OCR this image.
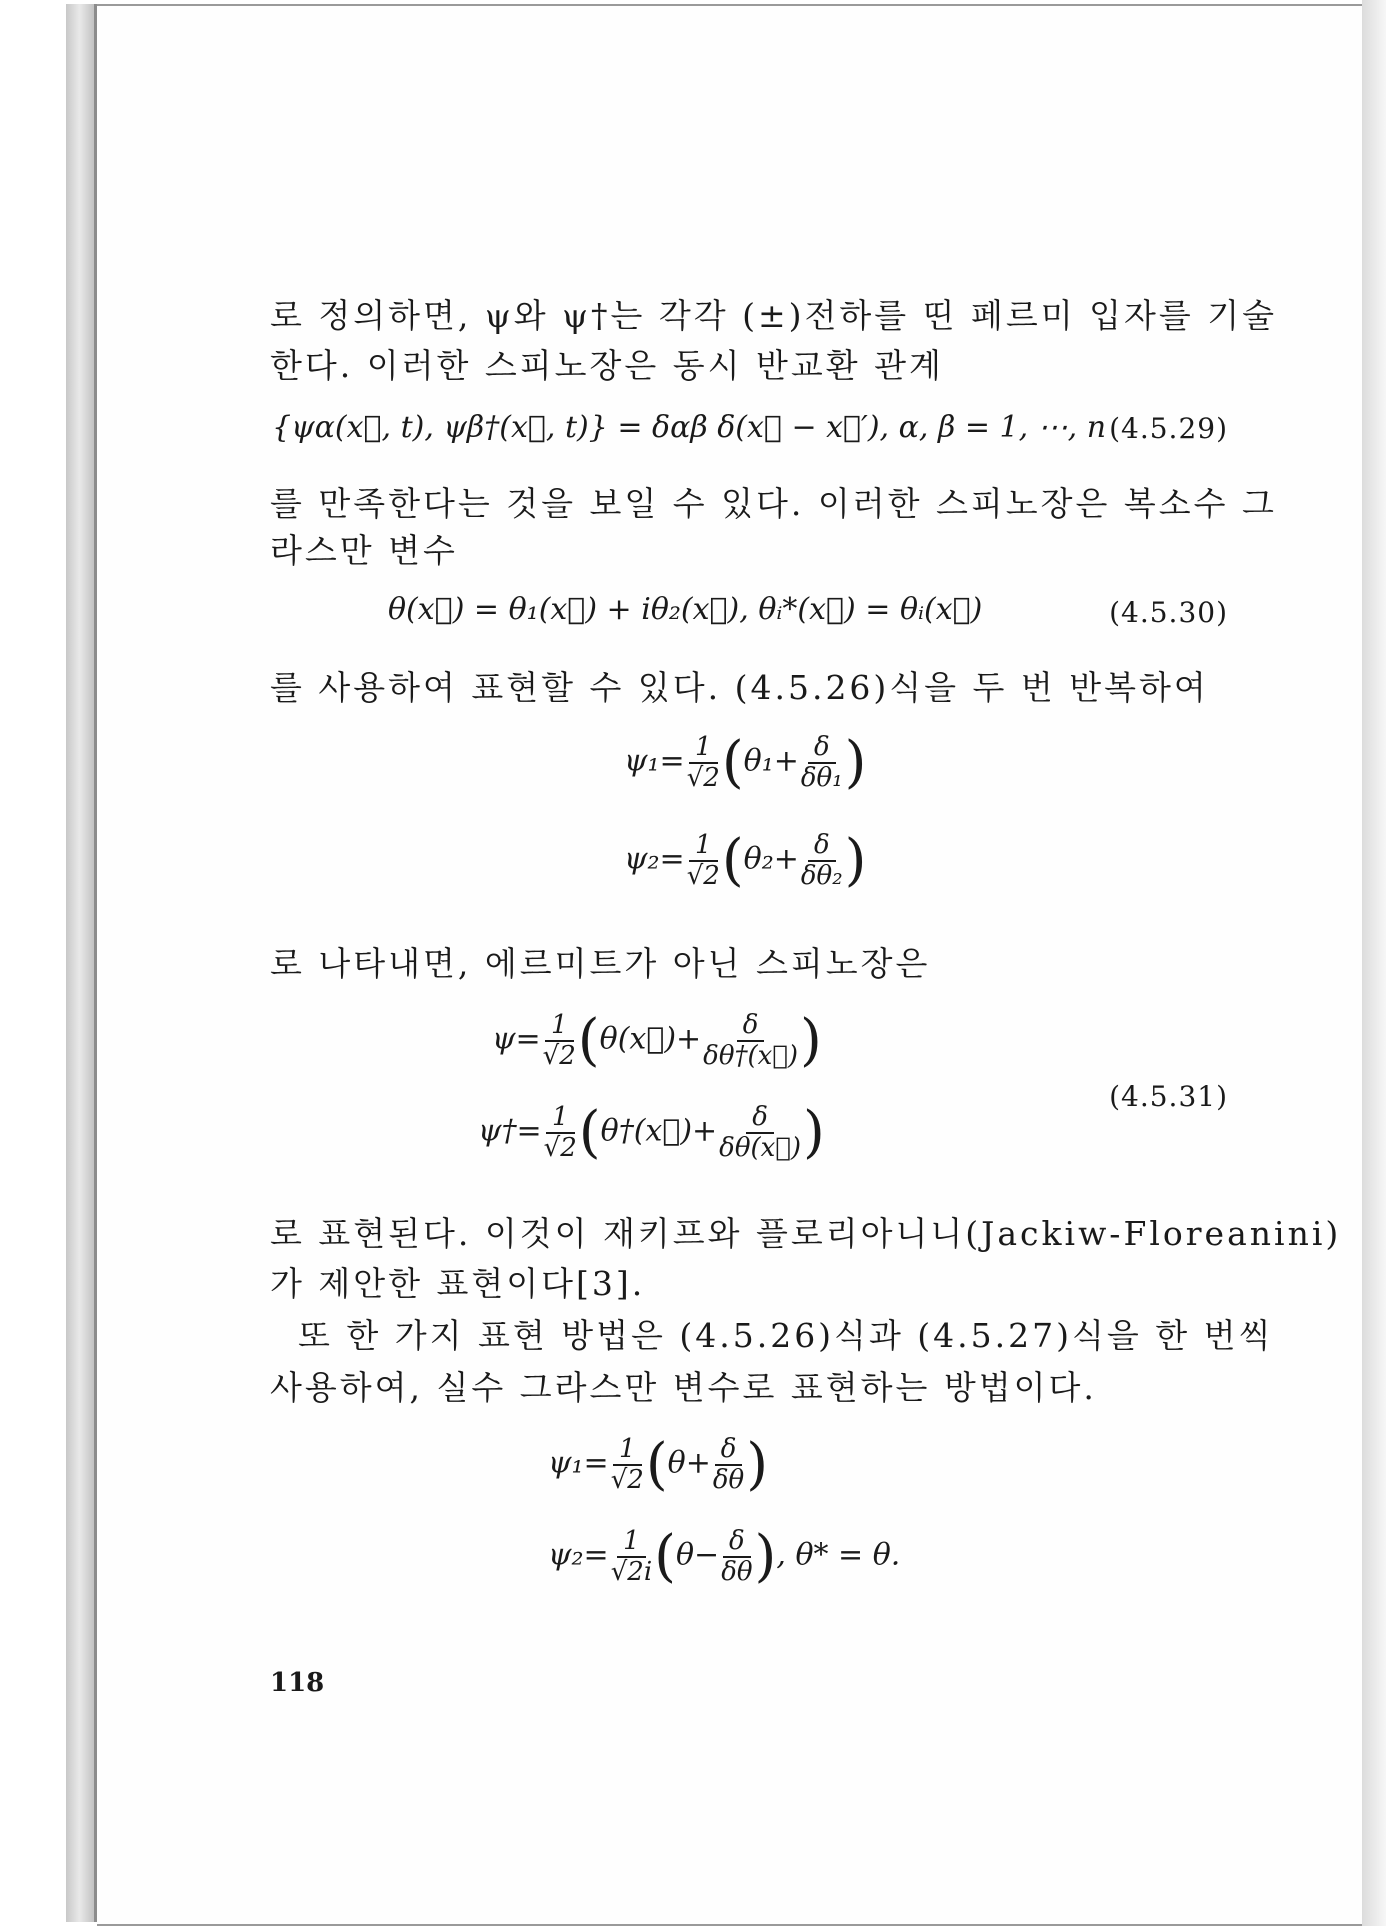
로 정의하면, ψ와 ψ†는 각각 (±)전하를 띤 페르미 입자를 기술
한다. 이러한 스피노장은 동시 반교환 관계
{ψα(x⃗, t), ψβ†(x⃗, t)} = δαβ δ(x⃗ − x⃗′), α, β = 1, ⋯, n (4.5.29)
를 만족한다는 것을 보일 수 있다. 이러한 스피노장은 복소수 그
라스만 변수
θ(x⃗) = θ₁(x⃗) + iθ₂(x⃗), θᵢ*(x⃗) = θᵢ(x⃗)	(4.5.30)
를 사용하여 표현할 수 있다. (4.5.26)식을 두 번 반복하여
$\psi_1= \frac{1}{√2} (\theta_1+ \frac{\delta}{\text{δθ₁}}$ )
$\psi_2= \frac{1}{√2} (\theta_2+ \frac{\delta}{\text{δθ₂}}$ )
로 나타내면, 에르미트가 아닌 스피노장은
$\psi= \frac{1}{√2}$ (θ(x⃗)+ $\frac{\delta}{\delta\theta\dagger(x⃗)}$ )
ψ†= $\frac{1}{√2}$ (θ†(x⃗)+ $\frac{\delta}{\delta\theta(x⃗)}$ )
(4.5.31)
로 표현된다. 이것이 재키프와 플로리아니니(Jackiw-Floreanini)
가 제안한 표현이다[3].
또 한 가지 표현 방법은 (4.5.26)식과 (4.5.27)식을 한 번씩
사용하여, 실수 그라스만 변수로 표현하는 방법이다.
$\psi_1= \frac{1}{√2} (\theta+ \frac{\delta}{\delta\theta}$ )
$\psi_2= \frac{1}{√2i} (\theta- \frac{\delta}{\delta\theta}$ ), θ* = θ.
118
